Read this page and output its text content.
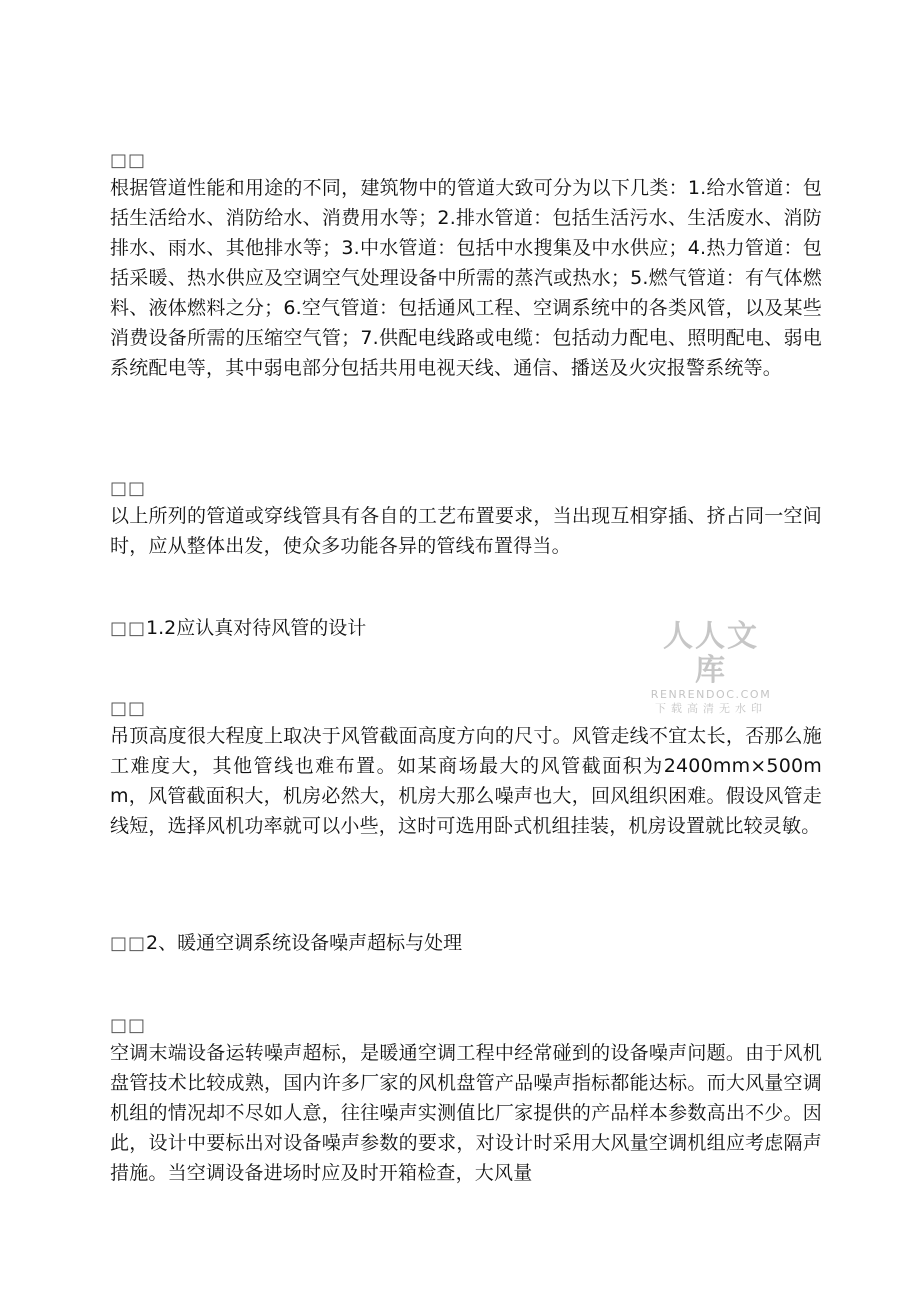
□□

根据管道性能和用途的不同，建筑物中的管道大致可分为以下几类：1.给水管道：包括生活给水、消防给水、消费用水等；2.排水管道：包括生活污水、生活废水、消防排水、雨水、其他排水等；3.中水管道：包括中水搜集及中水供应；4.热力管道：包括采暖、热水供应及空调空气处理设备中所需的蒸汽或热水；5.燃气管道：有气体燃料、液体燃料之分；6.空气管道：包括通风工程、空调系统中的各类风管，以及某些消费设备所需的压缩空气管；7.供配电线路或电缆：包括动力配电、照明配电、弱电系统配电等，其中弱电部分包括共用电视天线、通信、播送及火灾报警系统等。

□□

以上所列的管道或穿线管具有各自的工艺布置要求，当出现互相穿插、挤占同一空间时，应从整体出发，使众多功能各异的管线布置得当。

□□1.2应认真对待风管的设计	人人文库
RENRENDOC.COM
下载高清无水印
□□

吊顶高度很大程度上取决于风管截面高度方向的尺寸。风管走线不宜太长，否那么施工难度大，其他管线也难布置。如某商场最大的风管截面积为2400mm×500mm，风管截面积大，机房必然大，机房大那么噪声也大，回风组织困难。假设风管走线短，选择风机功率就可以小些，这时可选用卧式机组挂装，机房设置就比较灵敏。

□□2、暖通空调系统设备噪声超标与处理
□□

空调末端设备运转噪声超标，是暖通空调工程中经常碰到的设备噪声问题。由于风机盘管技术比较成熟，国内许多厂家的风机盘管产品噪声指标都能达标。而大风量空调机组的情况却不尽如人意，往往噪声实测值比厂家提供的产品样本参数高出不少。因此，设计中要标出对设备噪声参数的要求，对设计时采用大风量空调机组应考虑隔声措施。当空调设备进场时应及时开箱检查，大风量
